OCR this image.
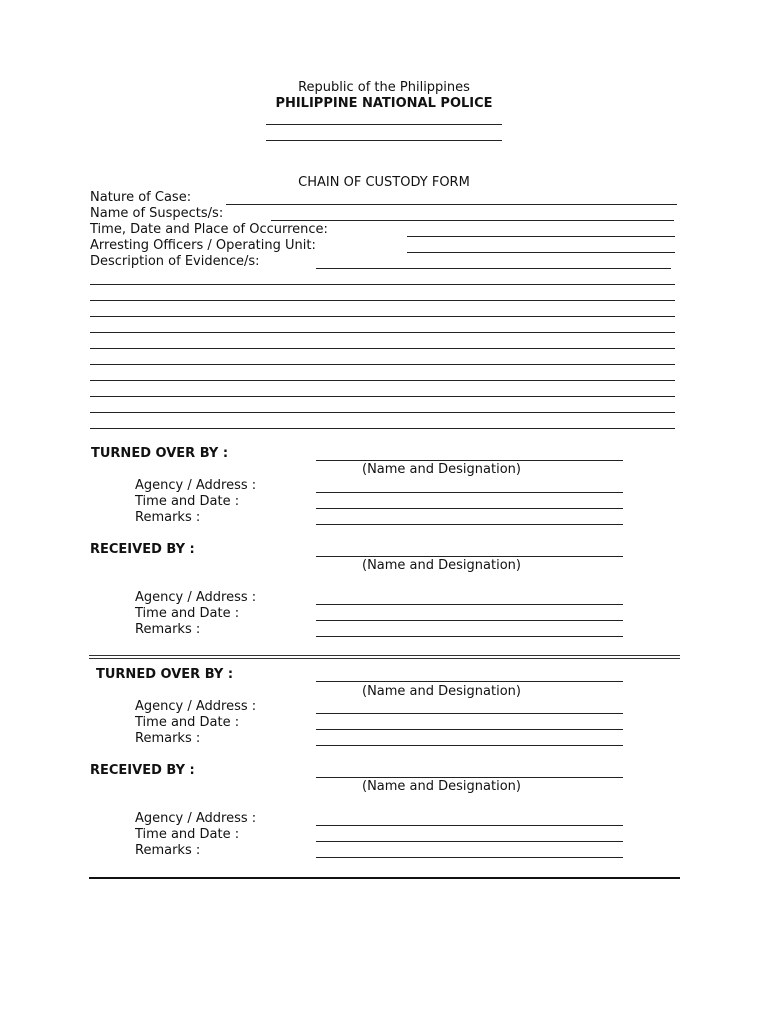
Republic of the Philippines
PHILIPPINE NATIONAL POLICE
CHAIN OF CUSTODY FORM
Nature of Case:
Name of Suspects/s:
Time, Date and Place of Occurrence:
Arresting Officers / Operating Unit:
Description of Evidence/s:
TURNED OVER BY :
(Name and Designation)
Agency / Address :
Time and Date :
Remarks :
RECEIVED BY :
(Name and Designation)
Agency / Address :
Time and Date :
Remarks :
TURNED OVER BY :
(Name and Designation)
Agency / Address :
Time and Date :
Remarks :
RECEIVED BY :
(Name and Designation)
Agency / Address :
Time and Date :
Remarks :
